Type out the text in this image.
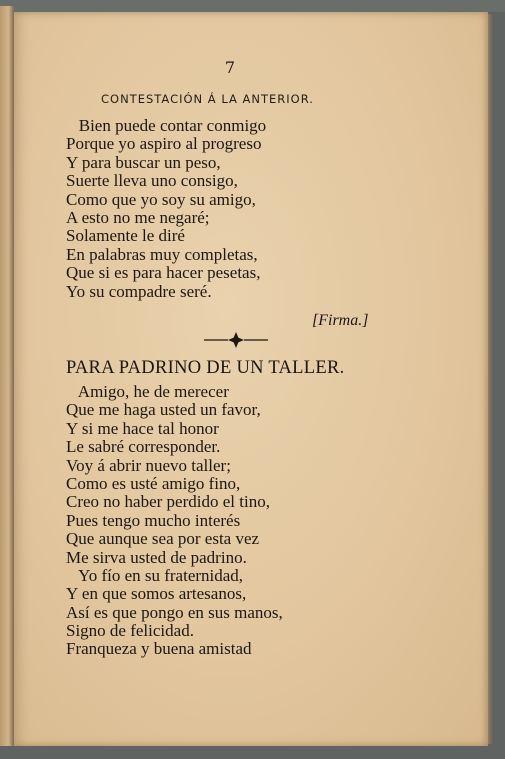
7
CONTESTACIÓN Á LA ANTERIOR.
Bien puede contar conmigo
Porque yo aspiro al progreso
Y para buscar un peso,
Suerte lleva uno consigo,
Como que yo soy su amigo,
A esto no me negaré;
Solamente le diré
En palabras muy completas,
Que si es para hacer pesetas,
Yo su compadre seré.
[Firma.]
PARA PADRINO DE UN TALLER.
Amigo, he de merecer
Que me haga usted un favor,
Y si me hace tal honor
Le sabré corresponder.
Voy á abrir nuevo taller;
Como es usté amigo fino,
Creo no haber perdido el tino,
Pues tengo mucho interés
Que aunque sea por esta vez
Me sirva usted de padrino.
Yo fío en su fraternidad,
Y en que somos artesanos,
Así es que pongo en sus manos,
Signo de felicidad.
Franqueza y buena amistad
